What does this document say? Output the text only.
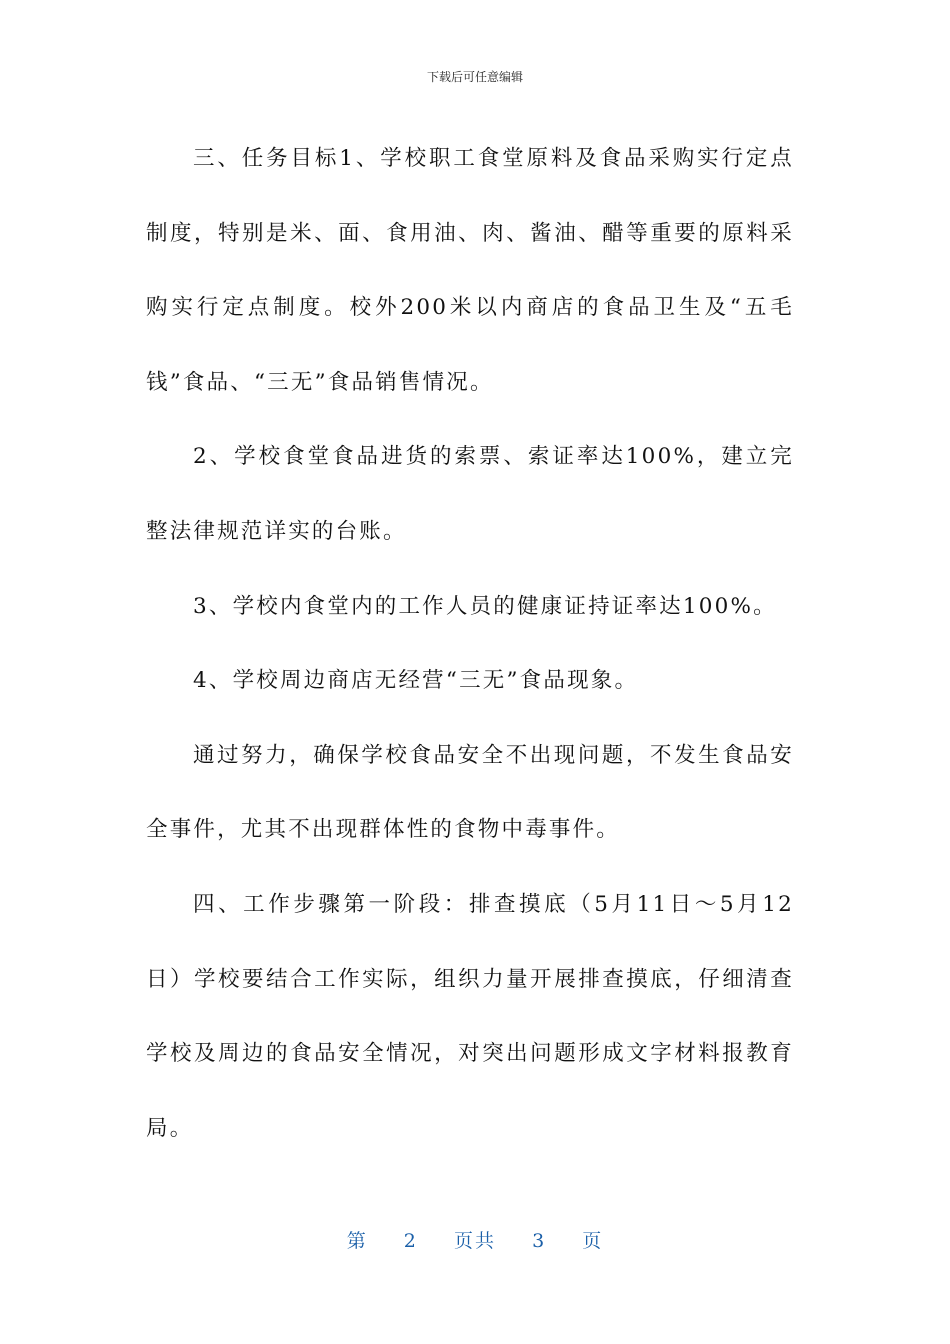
下载后可任意编辑

三、任务目标1、学校职工食堂原料及食品采购实行定点制度，特别是米、面、食用油、肉、酱油、醋等重要的原料采购实行定点制度。校外200米以内商店的食品卫生及“五毛钱”食品、“三无”食品销售情况。

2、学校食堂食品进货的索票、索证率达100%，建立完整法律规范详实的台账。

3、学校内食堂内的工作人员的健康证持证率达100%。

4、学校周边商店无经营“三无”食品现象。

通过努力，确保学校食品安全不出现问题，不发生食品安全事件，尤其不出现群体性的食物中毒事件。

四、工作步骤第一阶段：排查摸底（5月11日～5月12日）学校要结合工作实际，组织力量开展排查摸底，仔细清查学校及周边的食品安全情况，对突出问题形成文字材料报教育局。

第 2 页共 3 页
